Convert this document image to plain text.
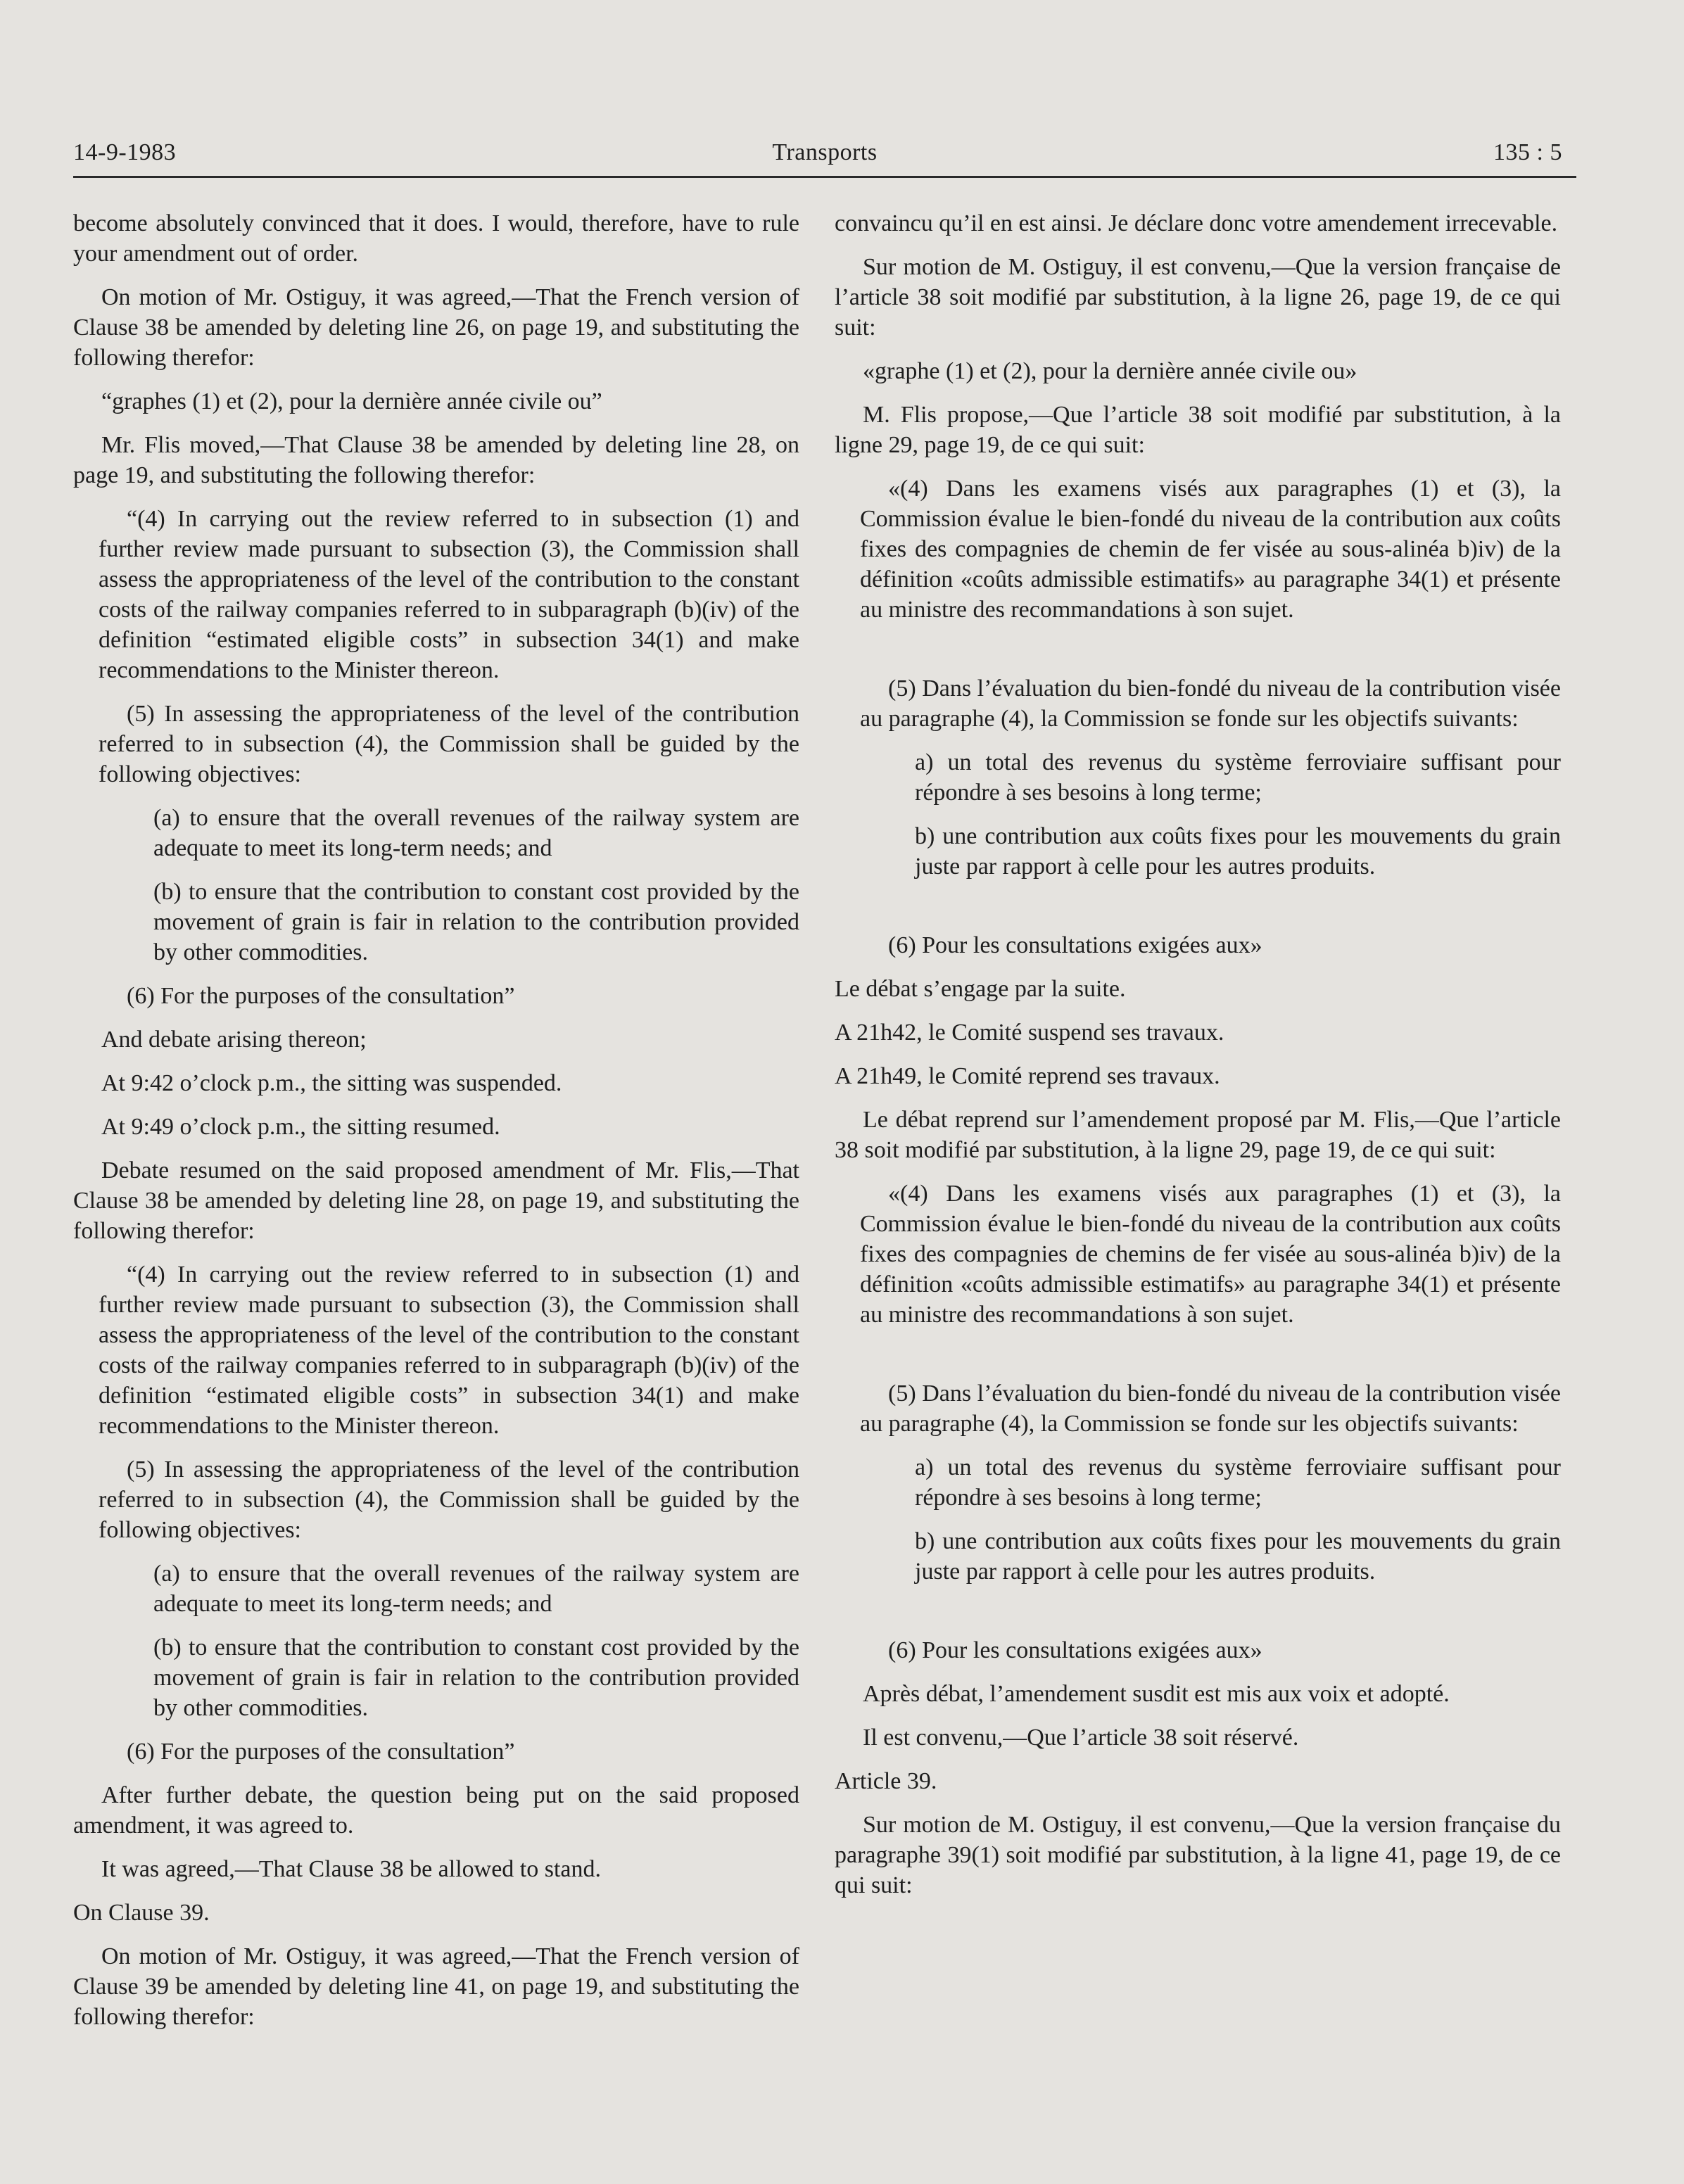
14-9-1983	Transports	135 : 5

become absolutely convinced that it does. I would, therefore, have to rule your amendment out of order.

On motion of Mr. Ostiguy, it was agreed,—That the French version of Clause 38 be amended by deleting line 26, on page 19, and substituting the following therefor:

“graphes (1) et (2), pour la dernière année civile ou”

Mr. Flis moved,—That Clause 38 be amended by deleting line 28, on page 19, and substituting the following therefor:

“(4) In carrying out the review referred to in subsection (1) and further review made pursuant to subsection (3), the Commission shall assess the appropriateness of the level of the contribution to the constant costs of the railway companies referred to in subparagraph (b)(iv) of the definition “estimated eligible costs” in subsection 34(1) and make recommendations to the Minister thereon.

(5) In assessing the appropriateness of the level of the contribution referred to in subsection (4), the Commission shall be guided by the following objectives:

(a) to ensure that the overall revenues of the railway system are adequate to meet its long-term needs; and

(b) to ensure that the contribution to constant cost provided by the movement of grain is fair in relation to the contribution provided by other commodities.

(6) For the purposes of the consultation”

And debate arising thereon;

At 9:42 o’clock p.m., the sitting was suspended.

At 9:49 o’clock p.m., the sitting resumed.

Debate resumed on the said proposed amendment of Mr. Flis,—That Clause 38 be amended by deleting line 28, on page 19, and substituting the following therefor:

“(4) In carrying out the review referred to in subsection (1) and further review made pursuant to subsection (3), the Commission shall assess the appropriateness of the level of the contribution to the constant costs of the railway companies referred to in subparagraph (b)(iv) of the definition “estimated eligible costs” in subsection 34(1) and make recommendations to the Minister thereon.

(5) In assessing the appropriateness of the level of the contribution referred to in subsection (4), the Commission shall be guided by the following objectives:

(a) to ensure that the overall revenues of the railway system are adequate to meet its long-term needs; and

(b) to ensure that the contribution to constant cost provided by the movement of grain is fair in relation to the contribution provided by other commodities.

(6) For the purposes of the consultation”

After further debate, the question being put on the said proposed amendment, it was agreed to.

It was agreed,—That Clause 38 be allowed to stand.

On Clause 39.

On motion of Mr. Ostiguy, it was agreed,—That the French version of Clause 39 be amended by deleting line 41, on page 19, and substituting the following therefor:

convaincu qu’il en est ainsi. Je déclare donc votre amendement irrecevable.

Sur motion de M. Ostiguy, il est convenu,—Que la version française de l’article 38 soit modifié par substitution, à la ligne 26, page 19, de ce qui suit:

«graphe (1) et (2), pour la dernière année civile ou»

M. Flis propose,—Que l’article 38 soit modifié par substitution, à la ligne 29, page 19, de ce qui suit:

«(4) Dans les examens visés aux paragraphes (1) et (3), la Commission évalue le bien-fondé du niveau de la contribution aux coûts fixes des compagnies de chemin de fer visée au sous-alinéa b)iv) de la définition «coûts admissible estimatifs» au paragraphe 34(1) et présente au ministre des recommandations à son sujet.

(5) Dans l’évaluation du bien-fondé du niveau de la contribution visée au paragraphe (4), la Commission se fonde sur les objectifs suivants:

a) un total des revenus du système ferroviaire suffisant pour répondre à ses besoins à long terme;

b) une contribution aux coûts fixes pour les mouvements du grain juste par rapport à celle pour les autres produits.

(6) Pour les consultations exigées aux»

Le débat s’engage par la suite.

A 21h42, le Comité suspend ses travaux.

A 21h49, le Comité reprend ses travaux.

Le débat reprend sur l’amendement proposé par M. Flis,—Que l’article 38 soit modifié par substitution, à la ligne 29, page 19, de ce qui suit:

«(4) Dans les examens visés aux paragraphes (1) et (3), la Commission évalue le bien-fondé du niveau de la contribution aux coûts fixes des compagnies de chemins de fer visée au sous-alinéa b)iv) de la définition «coûts admissible estimatifs» au paragraphe 34(1) et présente au ministre des recommandations à son sujet.

(5) Dans l’évaluation du bien-fondé du niveau de la contribution visée au paragraphe (4), la Commission se fonde sur les objectifs suivants:

a) un total des revenus du système ferroviaire suffisant pour répondre à ses besoins à long terme;

b) une contribution aux coûts fixes pour les mouvements du grain juste par rapport à celle pour les autres produits.

(6) Pour les consultations exigées aux»

Après débat, l’amendement susdit est mis aux voix et adopté.

Il est convenu,—Que l’article 38 soit réservé.

Article 39.

Sur motion de M. Ostiguy, il est convenu,—Que la version française du paragraphe 39(1) soit modifié par substitution, à la ligne 41, page 19, de ce qui suit:
